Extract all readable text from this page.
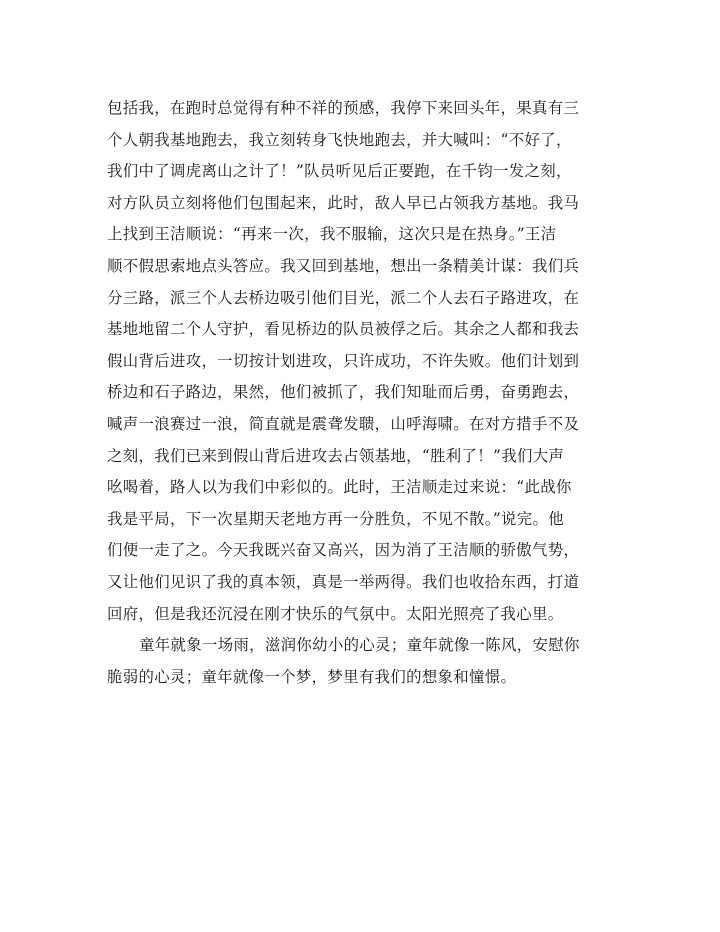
包括我，在跑时总觉得有种不祥的预感，我停下来回头年，果真有三
个人朝我基地跑去，我立刻转身飞快地跑去，并大喊叫：“不好了，
我们中了调虎离山之计了！”队员听见后正要跑，在千钧一发之刻，
对方队员立刻将他们包围起来，此时，敌人早已占领我方基地。我马
上找到王洁顺说：“再来一次，我不服输，这次只是在热身。”王洁
顺不假思索地点头答应。我又回到基地，想出一条精美计谋：我们兵
分三路，派三个人去桥边吸引他们目光，派二个人去石子路进攻，在
基地地留二个人守护，看见桥边的队员被俘之后。其余之人都和我去
假山背后进攻，一切按计划进攻，只许成功，不许失败。他们计划到
桥边和石子路边，果然，他们被抓了，我们知耻而后勇，奋勇跑去，
喊声一浪赛过一浪，简直就是震聋发聩，山呼海啸。在对方措手不及
之刻，我们已来到假山背后进攻去占领基地，“胜利了！”我们大声
吆喝着，路人以为我们中彩似的。此时，王洁顺走过来说：“此战你
我是平局，下一次星期天老地方再一分胜负，不见不散。”说完。他
们便一走了之。今天我既兴奋又高兴，因为消了王洁顺的骄傲气势，
又让他们见识了我的真本领，真是一举两得。我们也收拾东西，打道
回府，但是我还沉浸在刚才快乐的气氛中。太阳光照亮了我心里。
童年就象一场雨，滋润你幼小的心灵；童年就像一陈风，安慰你
脆弱的心灵；童年就像一个梦，梦里有我们的想象和憧憬。
